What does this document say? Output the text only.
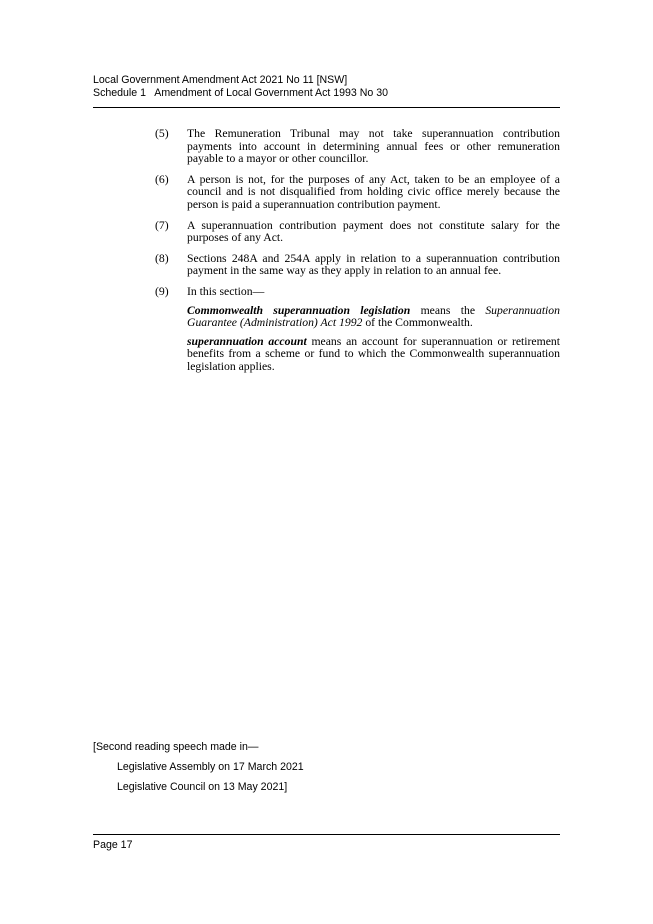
Local Government Amendment Act 2021 No 11 [NSW]
Schedule 1   Amendment of Local Government Act 1993 No 30
(5) The Remuneration Tribunal may not take superannuation contribution payments into account in determining annual fees or other remuneration payable to a mayor or other councillor.

(6) A person is not, for the purposes of any Act, taken to be an employee of a council and is not disqualified from holding civic office merely because the person is paid a superannuation contribution payment.

(7) A superannuation contribution payment does not constitute salary for the purposes of any Act.

(8) Sections 248A and 254A apply in relation to a superannuation contribution payment in the same way as they apply in relation to an annual fee.

(9) In this section—

Commonwealth superannuation legislation means the Superannuation Guarantee (Administration) Act 1992 of the Commonwealth.

superannuation account means an account for superannuation or retirement benefits from a scheme or fund to which the Commonwealth superannuation legislation applies.

[Second reading speech made in—
Legislative Assembly on 17 March 2021
Legislative Council on 13 May 2021]
Page 17
